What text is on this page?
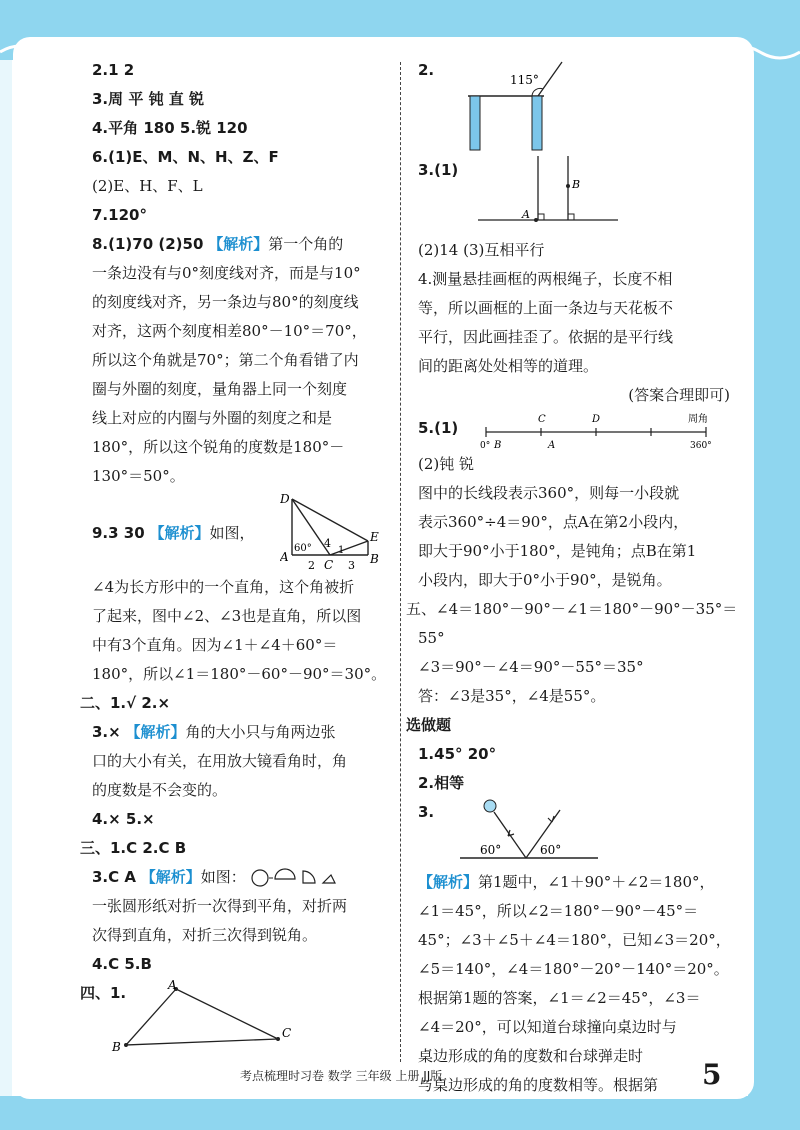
2.1 2
3.周 平 钝 直 锐
4.平角 180 5.锐 120
6.(1)E、M、N、H、Z、F
(2)E、H、F、L
7.120°
8.(1)70 (2)50 【解析】第一个角的
一条边没有与0°刻度线对齐，而是与10°
的刻度线对齐，另一条边与80°的刻度线
对齐，这两个刻度相差80°－10°＝70°，
所以这个角就是70°；第二个角看错了内
圈与外圈的刻度，量角器上同一个刻度
线上对应的内圈与外圈的刻度之和是
180°，所以这个锐角的度数是180°－
130°＝50°。
9.3 30 【解析】如图，
D
E
A	B
C
60° 4
1
2	3
∠4为长方形中的一个直角，这个角被折
了起来，图中∠2、∠3也是直角，所以图
中有3个直角。因为∠1＋∠4＋60°＝
180°，所以∠1＝180°－60°－90°＝30°。
二、1.√ 2.×
3.× 【解析】角的大小只与角两边张
口的大小有关，在用放大镜看角时，角
的度数是不会变的。
4.× 5.×
三、1.C 2.C B
3.C A 【解析】如图：
一张圆形纸对折一次得到平角，对折两
次得到直角，对折三次得到锐角。
4.C 5.B
四、1.	A
B
C
2.
115°
3.(1)
B
A
(2)14 (3)互相平行
4.测量悬挂画框的两根绳子，长度不相
等，所以画框的上面一条边与天花板不
平行，因此画挂歪了。依据的是平行线
间的距离处处相等的道理。
(答案合理即可)
5.(1)	C	D	周角
0° B	A	360°
(2)钝 锐
图中的长线段表示360°，则每一小段就
表示360°÷4＝90°，点A在第2小段内，
即大于90°小于180°，是钝角；点B在第1
小段内，即大于0°小于90°，是锐角。
五、∠4＝180°－90°－∠1＝180°－90°－35°＝
55°
∠3＝90°－∠4＝90°－55°＝35°
答：∠3是35°，∠4是55°。
选做题
1.45° 20°
2.相等
3.
60°	60°
【解析】第1题中，∠1＋90°＋∠2＝180°，
∠1＝45°，所以∠2＝180°－90°－45°＝
45°；∠3＋∠5＋∠4＝180°，已知∠3＝20°，
∠5＝140°，∠4＝180°－20°－140°＝20°。
根据第1题的答案，∠1＝∠2＝45°，∠3＝
∠4＝20°，可以知道台球撞向桌边时与
桌边形成的角的度数和台球弹走时
与桌边形成的角的度数相等。根据第
考点梳理时习卷 数学 三年级 上册 JJ版	5
